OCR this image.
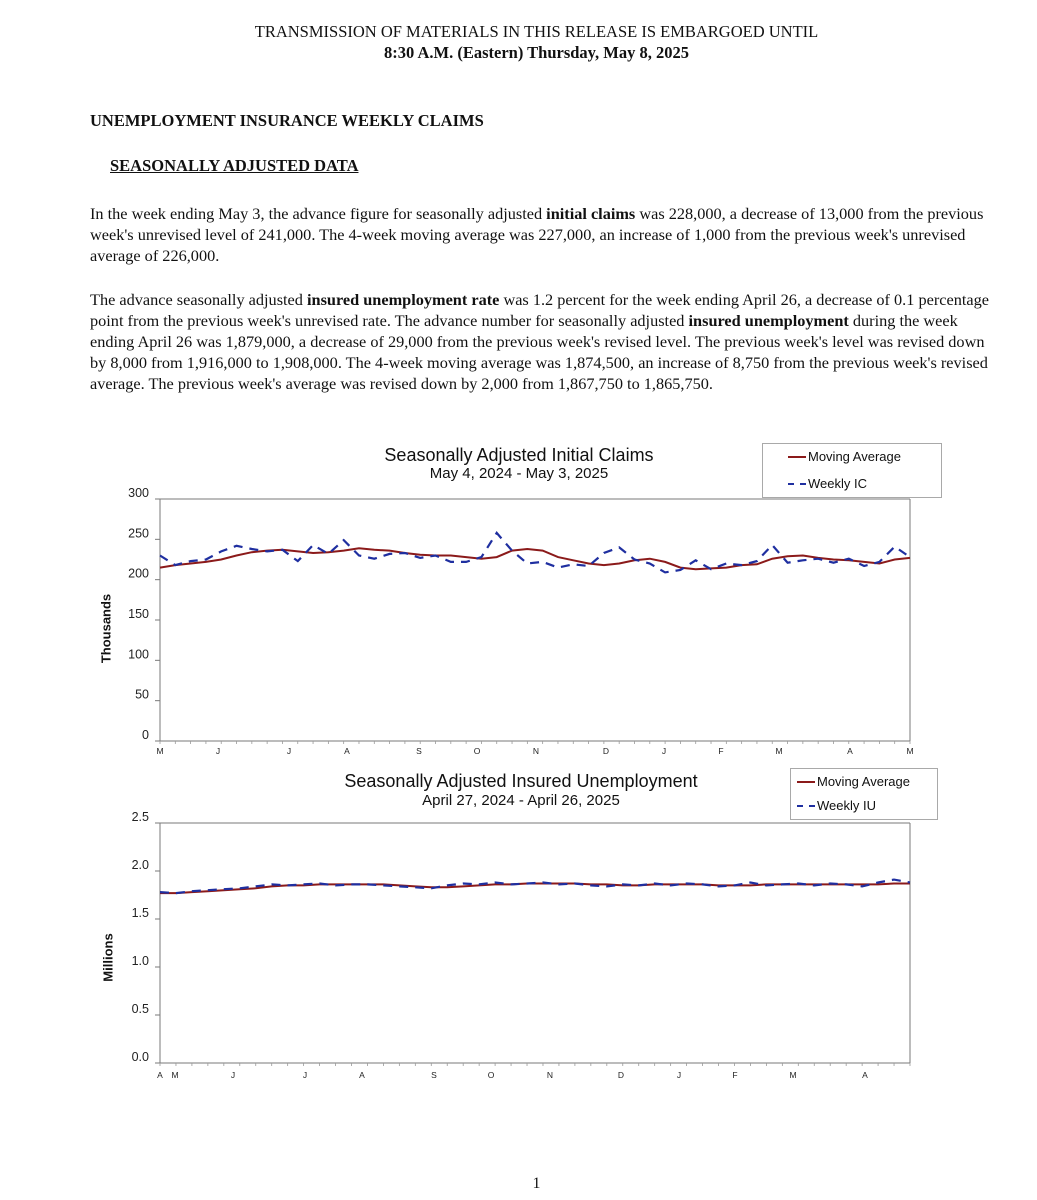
TRANSMISSION OF MATERIALS IN THIS RELEASE IS EMBARGOED UNTIL
8:30 A.M. (Eastern) Thursday, May 8, 2025
UNEMPLOYMENT INSURANCE WEEKLY CLAIMS
SEASONALLY ADJUSTED DATA
In the week ending May 3, the advance figure for seasonally adjusted initial claims was 228,000, a decrease of 13,000 from the previous week's unrevised level of 241,000. The 4-week moving average was 227,000, an increase of 1,000 from the previous week's unrevised average of 226,000.
The advance seasonally adjusted insured unemployment rate was 1.2 percent for the week ending April 26, a decrease of 0.1 percentage point from the previous week's unrevised rate. The advance number for seasonally adjusted insured unemployment during the week ending April 26 was 1,879,000, a decrease of 29,000 from the previous week's revised level. The previous week's level was revised down by 8,000 from 1,916,000 to 1,908,000. The 4-week moving average was 1,874,500, an increase of 8,750 from the previous week's revised average. The previous week's average was revised down by 2,000 from 1,867,750 to 1,865,750.
Seasonally Adjusted Initial Claims
May 4, 2024 - May 3, 2025
Moving Average
Weekly IC
Thousands
0
50
100
150
200
250
300
M	J	J	A	S	O	N	D	J	F	M	A	M
Seasonally Adjusted Insured Unemployment
April 27, 2024 - April 26, 2025
Moving Average
Weekly IU
Millions
0.0
0.5
1.0
1.5
2.0
2.5
A M	J	J	A	S	O	N	D	J	F	M	A
1
